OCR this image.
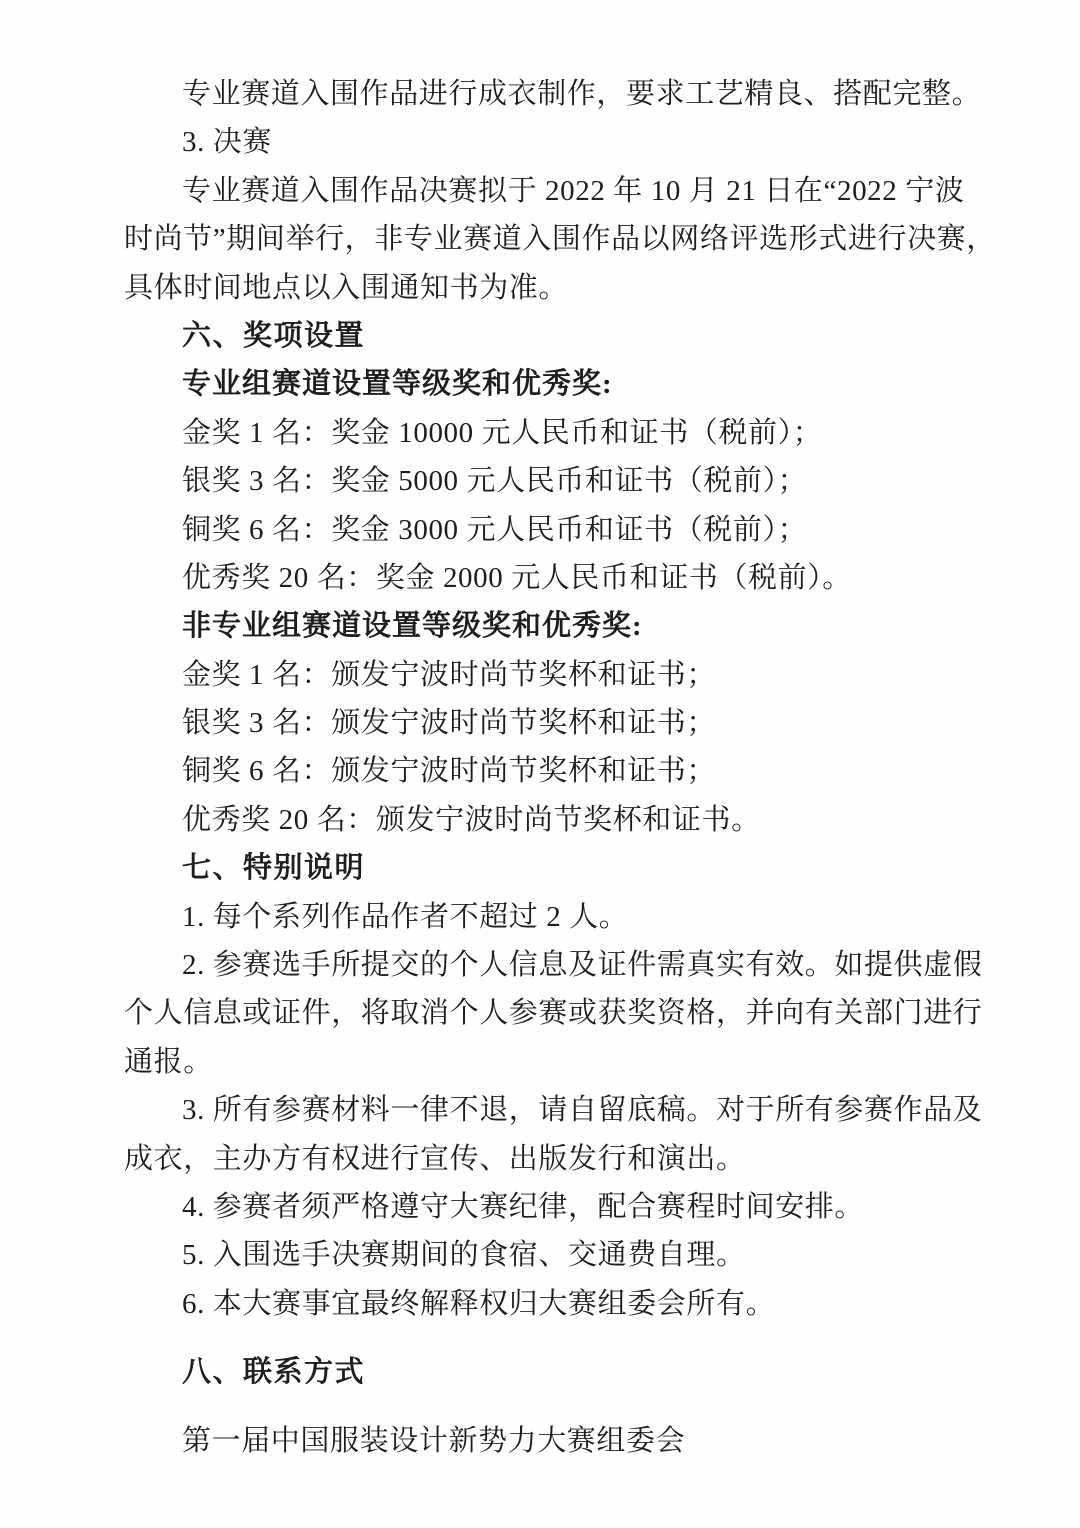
专业赛道入围作品进行成衣制作，要求工艺精良、搭配完整。
3. 决赛
专业赛道入围作品决赛拟于 2022 年 10 月 21 日在“2022 宁波
时尚节”期间举行，非专业赛道入围作品以网络评选形式进行决赛，
具体时间地点以入围通知书为准。
六、奖项设置
专业组赛道设置等级奖和优秀奖:
金奖 1 名：奖金 10000 元人民币和证书（税前）；
银奖 3 名：奖金 5000 元人民币和证书（税前）；
铜奖 6 名：奖金 3000 元人民币和证书（税前）；
优秀奖 20 名：奖金 2000 元人民币和证书（税前）。
非专业组赛道设置等级奖和优秀奖:
金奖 1 名：颁发宁波时尚节奖杯和证书；
银奖 3 名：颁发宁波时尚节奖杯和证书；
铜奖 6 名：颁发宁波时尚节奖杯和证书；
优秀奖 20 名：颁发宁波时尚节奖杯和证书。
七、特别说明
1. 每个系列作品作者不超过 2 人。
2. 参赛选手所提交的个人信息及证件需真实有效。如提供虚假
个人信息或证件，将取消个人参赛或获奖资格，并向有关部门进行
通报。
3. 所有参赛材料一律不退，请自留底稿。对于所有参赛作品及
成衣，主办方有权进行宣传、出版发行和演出。
4. 参赛者须严格遵守大赛纪律，配合赛程时间安排。
5. 入围选手决赛期间的食宿、交通费自理。
6. 本大赛事宜最终解释权归大赛组委会所有。
八、联系方式
第一届中国服装设计新势力大赛组委会
